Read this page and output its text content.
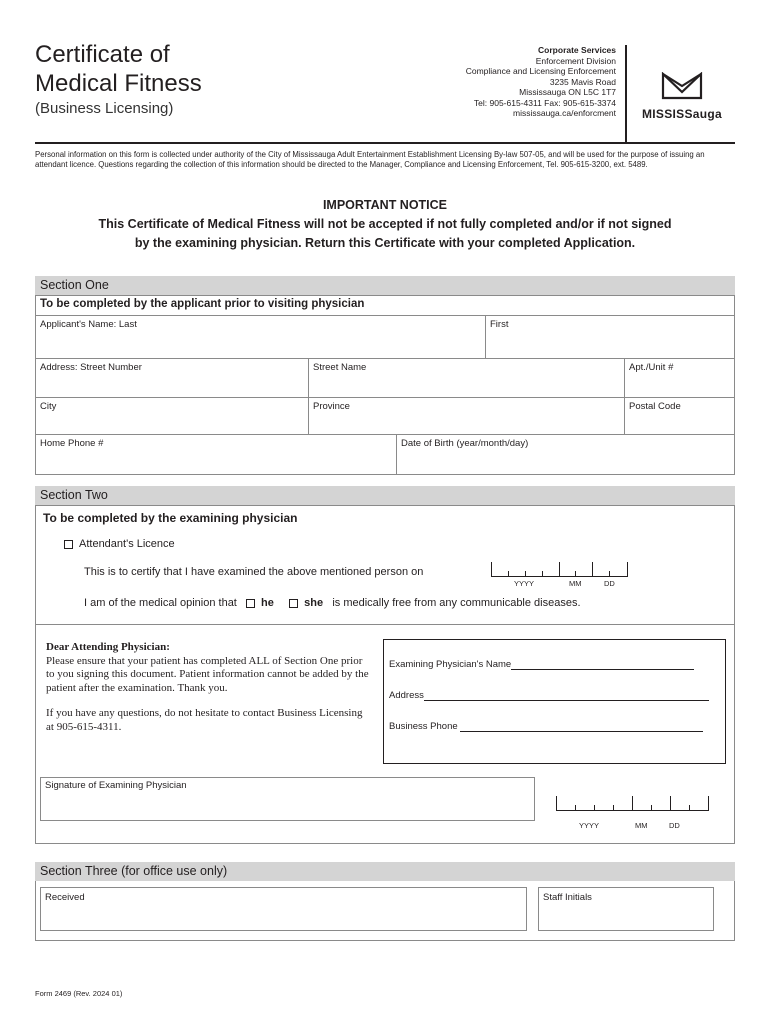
Certificate of
Medical Fitness
(Business Licensing)
Corporate Services
Enforcement Division
Compliance and Licensing Enforcement
3235 Mavis Road
Mississauga ON L5C 1T7
Tel: 905-615-4311 Fax: 905-615-3374
mississauga.ca/enforcment	MISSISSauga
Personal information on this form is collected under authority of the City of Mississauga Adult Entertainment Establishment Licensing By-law 507-05, and will be used for the purpose of issuing an attendant licence. Questions regarding the collection of this information should be directed to the Manager, Compliance and Licensing Enforcement, Tel. 905-615-3200, ext. 5489.
IMPORTANT NOTICE
This Certificate of Medical Fitness will not be accepted if not fully completed and/or if not signed
by the examining physician. Return this Certificate with your completed Application.
Section One
To be completed by the applicant prior to visiting physician
Applicant's Name: Last	First
Address: Street Number	Street Name	Apt./Unit #
City	Province	Postal Code
Home Phone #	Date of Birth (year/month/day)
Section Two
To be completed by the examining physician
Attendant's Licence
This is to certify that I have examined the above mentioned person on
YYYY	MM	DD
I am of the medical opinion that he	she is medically free from any communicable diseases.
Dear Attending Physician:
Please ensure that your patient has completed ALL of Section One prior to you signing this document. Patient information cannot be added by the patient after the examination. Thank you.
If you have any questions, do not hesitate to contact Business Licensing at 905-615-4311.
Examining Physician's Name
Address
Business Phone
Signature of Examining Physician
YYYY	MM	DD
Section Three (for office use only)
Received	Staff Initials
Form 2469 (Rev. 2024 01)
